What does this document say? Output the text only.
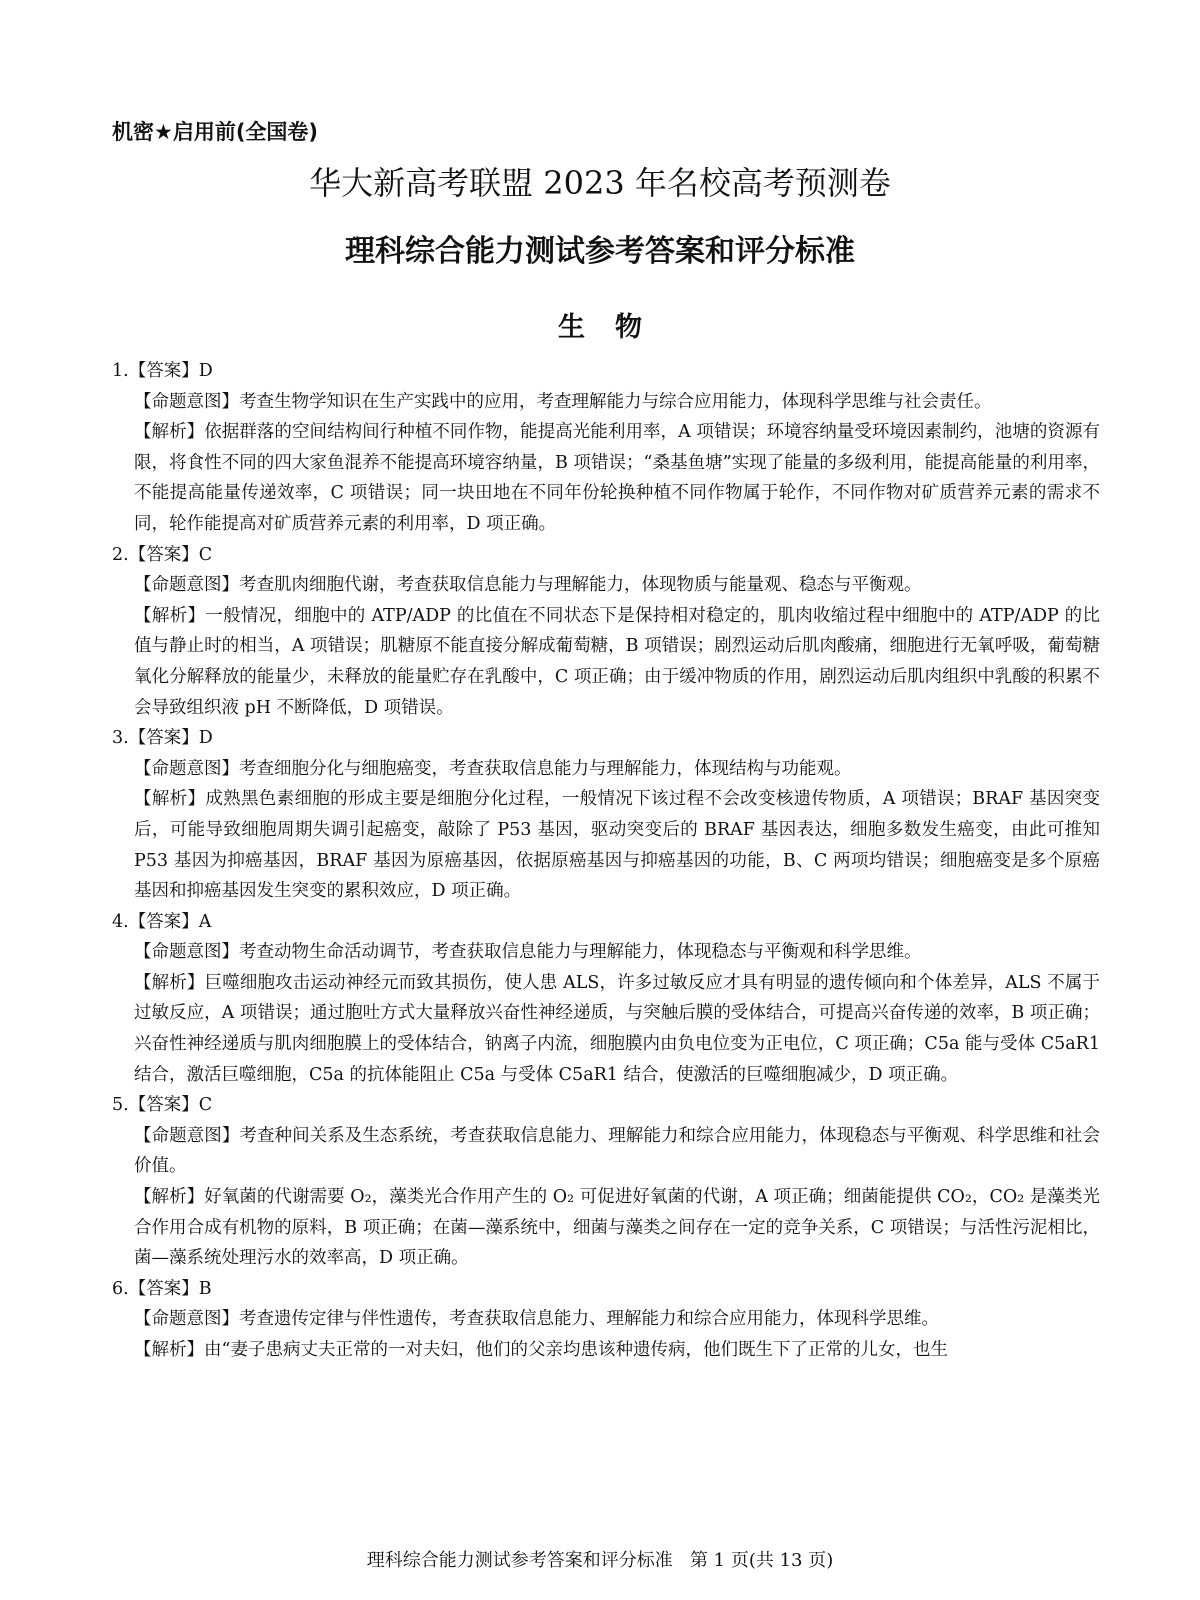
机密★启用前(全国卷)
华大新高考联盟 2023 年名校高考预测卷
理科综合能力测试参考答案和评分标准
生物
1.【答案】D
【命题意图】考查生物学知识在生产实践中的应用，考查理解能力与综合应用能力，体现科学思维与社会责任。
【解析】依据群落的空间结构间行种植不同作物，能提高光能利用率，A 项错误；环境容纳量受环境因素制约，池塘的资源有限，将食性不同的四大家鱼混养不能提高环境容纳量，B 项错误；“桑基鱼塘”实现了能量的多级利用，能提高能量的利用率，不能提高能量传递效率，C 项错误；同一块田地在不同年份轮换种植不同作物属于轮作，不同作物对矿质营养元素的需求不同，轮作能提高对矿质营养元素的利用率，D 项正确。
2.【答案】C
【命题意图】考查肌肉细胞代谢，考查获取信息能力与理解能力，体现物质与能量观、稳态与平衡观。
【解析】一般情况，细胞中的 ATP/ADP 的比值在不同状态下是保持相对稳定的，肌肉收缩过程中细胞中的 ATP/ADP 的比值与静止时的相当，A 项错误；肌糖原不能直接分解成葡萄糖，B 项错误；剧烈运动后肌肉酸痛，细胞进行无氧呼吸，葡萄糖氧化分解释放的能量少，未释放的能量贮存在乳酸中，C 项正确；由于缓冲物质的作用，剧烈运动后肌肉组织中乳酸的积累不会导致组织液 pH 不断降低，D 项错误。
3.【答案】D
【命题意图】考查细胞分化与细胞癌变，考查获取信息能力与理解能力，体现结构与功能观。
【解析】成熟黑色素细胞的形成主要是细胞分化过程，一般情况下该过程不会改变核遗传物质，A 项错误；BRAF 基因突变后，可能导致细胞周期失调引起癌变，敲除了 P53 基因，驱动突变后的 BRAF 基因表达，细胞多数发生癌变，由此可推知 P53 基因为抑癌基因，BRAF 基因为原癌基因，依据原癌基因与抑癌基因的功能，B、C 两项均错误；细胞癌变是多个原癌基因和抑癌基因发生突变的累积效应，D 项正确。
4.【答案】A
【命题意图】考查动物生命活动调节，考查获取信息能力与理解能力，体现稳态与平衡观和科学思维。
【解析】巨噬细胞攻击运动神经元而致其损伤，使人患 ALS，许多过敏反应才具有明显的遗传倾向和个体差异，ALS 不属于过敏反应，A 项错误；通过胞吐方式大量释放兴奋性神经递质，与突触后膜的受体结合，可提高兴奋传递的效率，B 项正确；兴奋性神经递质与肌肉细胞膜上的受体结合，钠离子内流，细胞膜内由负电位变为正电位，C 项正确；C5a 能与受体 C5aR1 结合，激活巨噬细胞，C5a 的抗体能阻止 C5a 与受体 C5aR1 结合，使激活的巨噬细胞减少，D 项正确。
5.【答案】C
【命题意图】考查种间关系及生态系统，考查获取信息能力、理解能力和综合应用能力，体现稳态与平衡观、科学思维和社会价值。
【解析】好氧菌的代谢需要 O₂，藻类光合作用产生的 O₂ 可促进好氧菌的代谢，A 项正确；细菌能提供 CO₂，CO₂ 是藻类光合作用合成有机物的原料，B 项正确；在菌—藻系统中，细菌与藻类之间存在一定的竞争关系，C 项错误；与活性污泥相比，菌—藻系统处理污水的效率高，D 项正确。
6.【答案】B
【命题意图】考查遗传定律与伴性遗传，考查获取信息能力、理解能力和综合应用能力，体现科学思维。
【解析】由“妻子患病丈夫正常的一对夫妇，他们的父亲均患该种遗传病，他们既生下了正常的儿女，也生
理科综合能力测试参考答案和评分标准 第 1 页(共 13 页)
